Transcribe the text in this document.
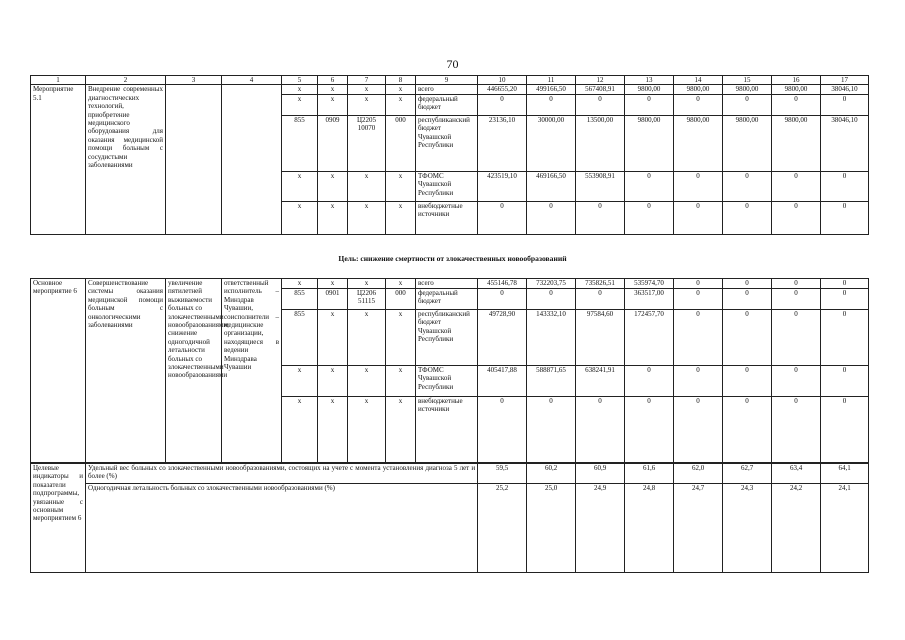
70
1	2	3	4	5	6	7	8	9	10	11	12	13	14	15	16	17
Мероприятие 5.1	Внедрение современных диагностических технологий, приобретение медицинского оборудования для оказания медицинской помощи больным с сосудистыми заболеваниями			x	x	x	x	всего	446655,20	499166,50	567408,91	9800,00	9800,00	9800,00	9800,00	38046,10
				x	x	x	x	федеральный бюджет	0	0	0	0	0	0	0	0
				855	0909	Ц2205 10070	000	республиканский бюджет Чувашской Республики	23136,10	30000,00	13500,00	9800,00	9800,00	9800,00	9800,00	38046,10
				x	x	x	x	ТФОМС Чувашской Республики	423519,10	469166,50	553908,91	0	0	0	0	0
				x	x	x	x	внебюджетные источники	0	0	0	0	0	0	0	0
Цель: снижение смертности от злокачественных новообразований
Основное мероприятие 6	Совершенствование системы оказания медицинской помощи больным с онкологическими заболеваниями	увеличение пятилетней выживаемости больных со злокачественными новообразованиями; снижение одногодичной летальности больных со злокачественными новообразованиями	ответственный исполнитель – Минздрав Чувашии, соисполнители – медицинские организации, находящиеся в ведении Минздрава Чувашии	x	x	x	x	всего	455146,78	732203,75	735826,51	535974,70	0	0	0	0
				855	0901	Ц2206 51115	000	федеральный бюджет	0	0	0	363517,00	0	0	0	0
				855	x	x	x	республиканский бюджет Чувашской Республики	49728,90	143332,10	97584,60	172457,70	0	0	0	0
				x	x	x	x	ТФОМС Чувашской Республики	405417,88	588871,65	638241,91	0	0	0	0	0
				x	x	x	x	внебюджетные источники	0	0	0	0	0	0	0	0
Целевые индикаторы и показатели подпрограммы, увязанные с основным мероприятием 6	Удельный вес больных со злокачественными новообразованиями, состоящих на учете с момента установления диагноза 5 лет и более (%)	59,5	60,2	60,9	61,6	62,0	62,7	63,4	64,1
	Одногодичная летальность больных со злокачественными новообразованиями (%)	25,2	25,0	24,9	24,8	24,7	24,3	24,2	24,1
